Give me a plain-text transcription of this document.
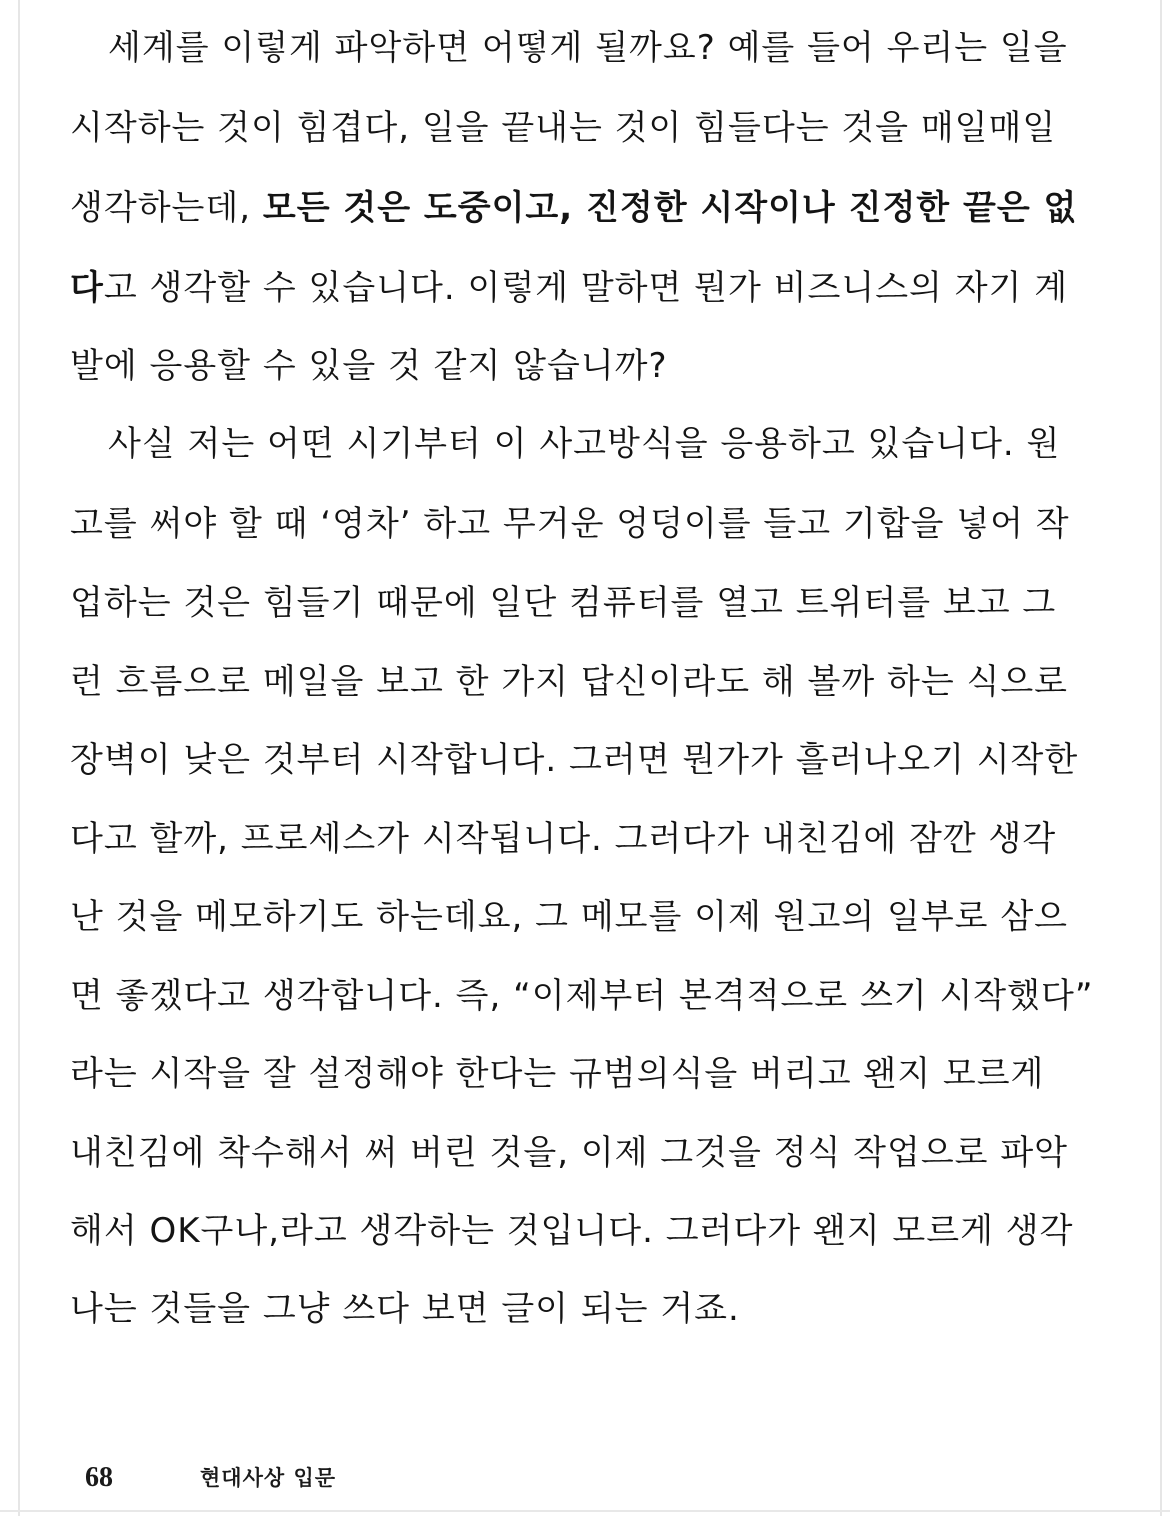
세계를 이렇게 파악하면 어떻게 될까요? 예를 들어 우리는 일을

시작하는 것이 힘겹다, 일을 끝내는 것이 힘들다는 것을 매일매일

생각하는데, 모든 것은 도중이고, 진정한 시작이나 진정한 끝은 없

다고 생각할 수 있습니다. 이렇게 말하면 뭔가 비즈니스의 자기 계

발에 응용할 수 있을 것 같지 않습니까?

사실 저는 어떤 시기부터 이 사고방식을 응용하고 있습니다. 원

고를 써야 할 때 ‘영차’ 하고 무거운 엉덩이를 들고 기합을 넣어 작

업하는 것은 힘들기 때문에 일단 컴퓨터를 열고 트위터를 보고 그

런 흐름으로 메일을 보고 한 가지 답신이라도 해 볼까 하는 식으로

장벽이 낮은 것부터 시작합니다. 그러면 뭔가가 흘러나오기 시작한

다고 할까, 프로세스가 시작됩니다. 그러다가 내친김에 잠깐 생각

난 것을 메모하기도 하는데요, 그 메모를 이제 원고의 일부로 삼으

면 좋겠다고 생각합니다. 즉, “이제부터 본격적으로 쓰기 시작했다”

라는 시작을 잘 설정해야 한다는 규범의식을 버리고 왠지 모르게

내친김에 착수해서 써 버린 것을, 이제 그것을 정식 작업으로 파악

해서 OK구나,라고 생각하는 것입니다. 그러다가 왠지 모르게 생각

나는 것들을 그냥 쓰다 보면 글이 되는 거죠.

68	현대사상 입문
